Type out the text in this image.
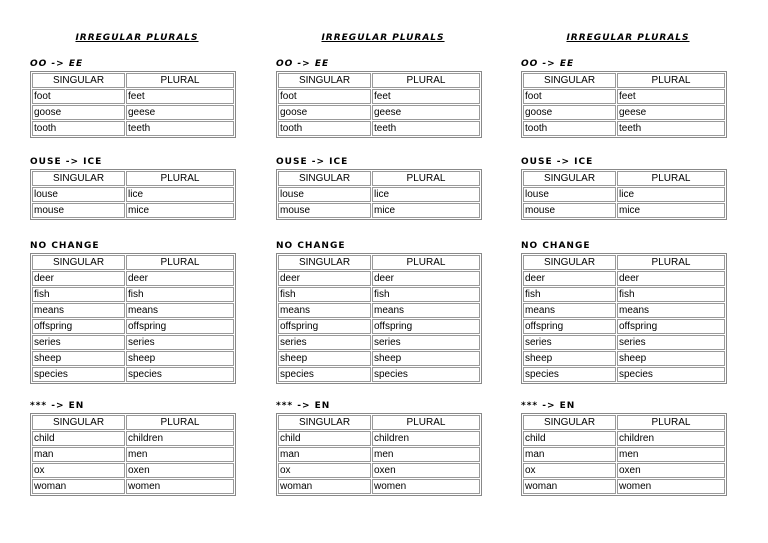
IRREGULAR PLURALS
OO -> EE
SINGULAR	PLURAL
foot	feet
goose	geese
tooth	teeth
OUSE -> ICE
SINGULAR	PLURAL
louse	lice
mouse	mice
NO CHANGE
SINGULAR	PLURAL
deer	deer
fish	fish
means	means
offspring	offspring
series	series
sheep	sheep
species	species
*** -> EN
SINGULAR	PLURAL
child	children
man	men
ox	oxen
woman	women
IRREGULAR PLURALS
OO -> EE
SINGULAR	PLURAL
foot	feet
goose	geese
tooth	teeth
OUSE -> ICE
SINGULAR	PLURAL
louse	lice
mouse	mice
NO CHANGE
SINGULAR	PLURAL
deer	deer
fish	fish
means	means
offspring	offspring
series	series
sheep	sheep
species	species
*** -> EN
SINGULAR	PLURAL
child	children
man	men
ox	oxen
woman	women
IRREGULAR PLURALS
OO -> EE
SINGULAR	PLURAL
foot	feet
goose	geese
tooth	teeth
OUSE -> ICE
SINGULAR	PLURAL
louse	lice
mouse	mice
NO CHANGE
SINGULAR	PLURAL
deer	deer
fish	fish
means	means
offspring	offspring
series	series
sheep	sheep
species	species
*** -> EN
SINGULAR	PLURAL
child	children
man	men
ox	oxen
woman	women
